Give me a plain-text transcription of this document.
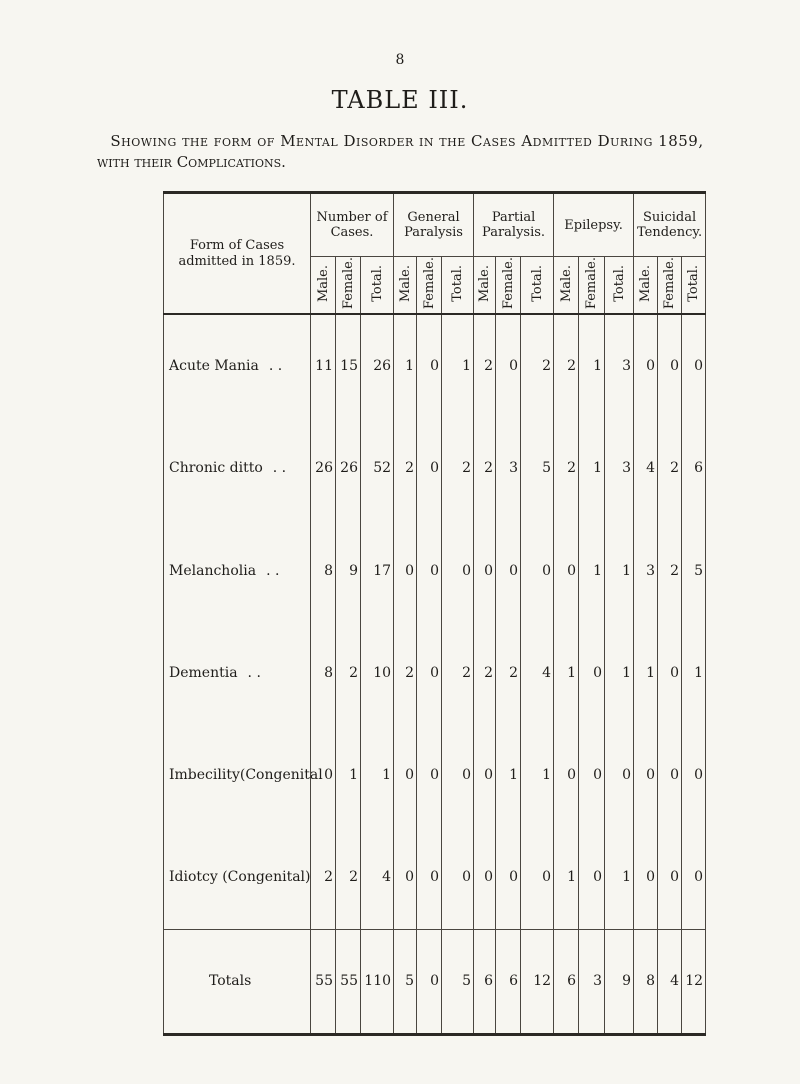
8
TABLE III.
Showing the form of Mental Disorder in the Cases Admitted During 1859,
with their Complications.
Form of Cases admitted in 1859.	Number of Cases.			General Paralysis			Partial Paralysis.			Epilepsy.			Suicidal Tendency.		
	Male.	Female.	Total.	Male.	Female.	Total.	Male.	Female.	Total.	Male.	Female.	Total.	Male.	Female.	Total.
Acute Mania . .	11	15	26	1	0	1	2	0	2	2	1	3	0	0	0
Chronic ditto . .	26	26	52	2	0	2	2	3	5	2	1	3	4	2	6
Melancholia . .	8	9	17	0	0	0	0	0	0	0	1	1	3	2	5
Dementia . .	8	2	10	2	0	2	2	2	4	1	0	1	1	0	1
Imbecility(Congenital	0	1	1	0	0	0	0	1	1	0	0	0	0	0	0
Idiotcy (Congenital)	2	2	4	0	0	0	0	0	0	1	0	1	0	0	0
Totals	55	55	110	5	0	5	6	6	12	6	3	9	8	4	12
